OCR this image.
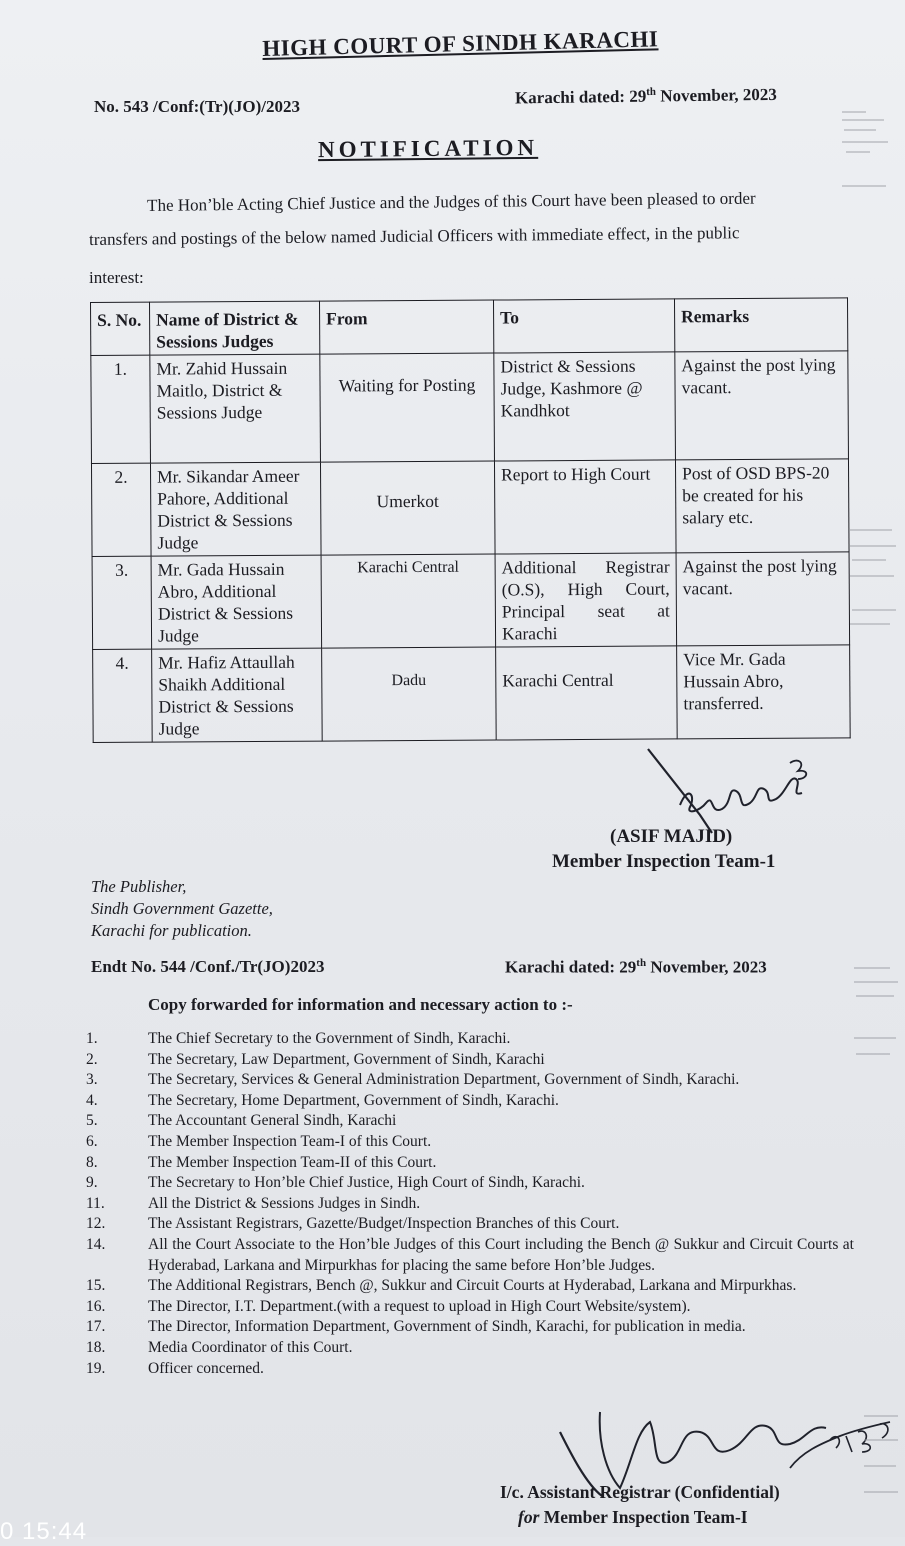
HIGH COURT OF SINDH KARACHI
No. 543 /Conf:(Tr)(JO)/2023	Karachi dated: 29th November, 2023
NOTIFICATION
The Hon’ble Acting Chief Justice and the Judges of this Court have been pleased to order
transfers and postings of the below named Judicial Officers with immediate effect, in the public
interest:
S. No.	Name of District & Sessions Judges	From	To	Remarks
1.	Mr. Zahid Hussain Maitlo, District & Sessions Judge	Waiting for Posting	District & Sessions Judge, Kashmore @ Kandhkot	Against the post lying vacant.
2.	Mr. Sikandar Ameer Pahore, Additional District & Sessions Judge	Umerkot	Report to High Court	Post of OSD BPS-20 be created for his salary etc.
3.	Mr. Gada Hussain Abro, Additional District & Sessions Judge	Karachi Central	Additional Registrar (O.S), High Court, Principal seat at Karachi	Against the post lying vacant.
4.	Mr. Hafiz Attaullah Shaikh Additional District & Sessions Judge	Dadu	Karachi Central	Vice Mr. Gada Hussain Abro, transferred.
(ASIF MAJID)
Member Inspection Team-1
The Publisher,
Sindh Government Gazette,
Karachi for publication.
Endt No. 544 /Conf./Tr(JO)2023	Karachi dated: 29th November, 2023
Copy forwarded for information and necessary action to :-
1.	The Chief Secretary to the Government of Sindh, Karachi.
2.	The Secretary, Law Department, Government of Sindh, Karachi
3.	The Secretary, Services & General Administration Department, Government of Sindh, Karachi.
4.	The Secretary, Home Department, Government of Sindh, Karachi.
5.	The Accountant General Sindh, Karachi
6.	The Member Inspection Team-I of this Court.
8.	The Member Inspection Team-II of this Court.
9.	The Secretary to Hon’ble Chief Justice, High Court of Sindh, Karachi.
11.	All the District & Sessions Judges in Sindh.
12.	The Assistant Registrars, Gazette/Budget/Inspection Branches of this Court.
14.	All the Court Associate to the Hon’ble Judges of this Court including the Bench @ Sukkur and Circuit Courts at Hyderabad, Larkana and Mirpurkhas for placing the same before Hon’ble Judges.
15.	The Additional Registrars, Bench @, Sukkur and Circuit Courts at Hyderabad, Larkana and Mirpurkhas.
16.	The Director, I.T. Department.(with a request to upload in High Court Website/system).
17.	The Director, Information Department, Government of Sindh, Karachi, for publication in media.
18.	Media Coordinator of this Court.
19.	Officer concerned.
I/c. Assistant Registrar (Confidential)
for Member Inspection Team-I
0 15:44
